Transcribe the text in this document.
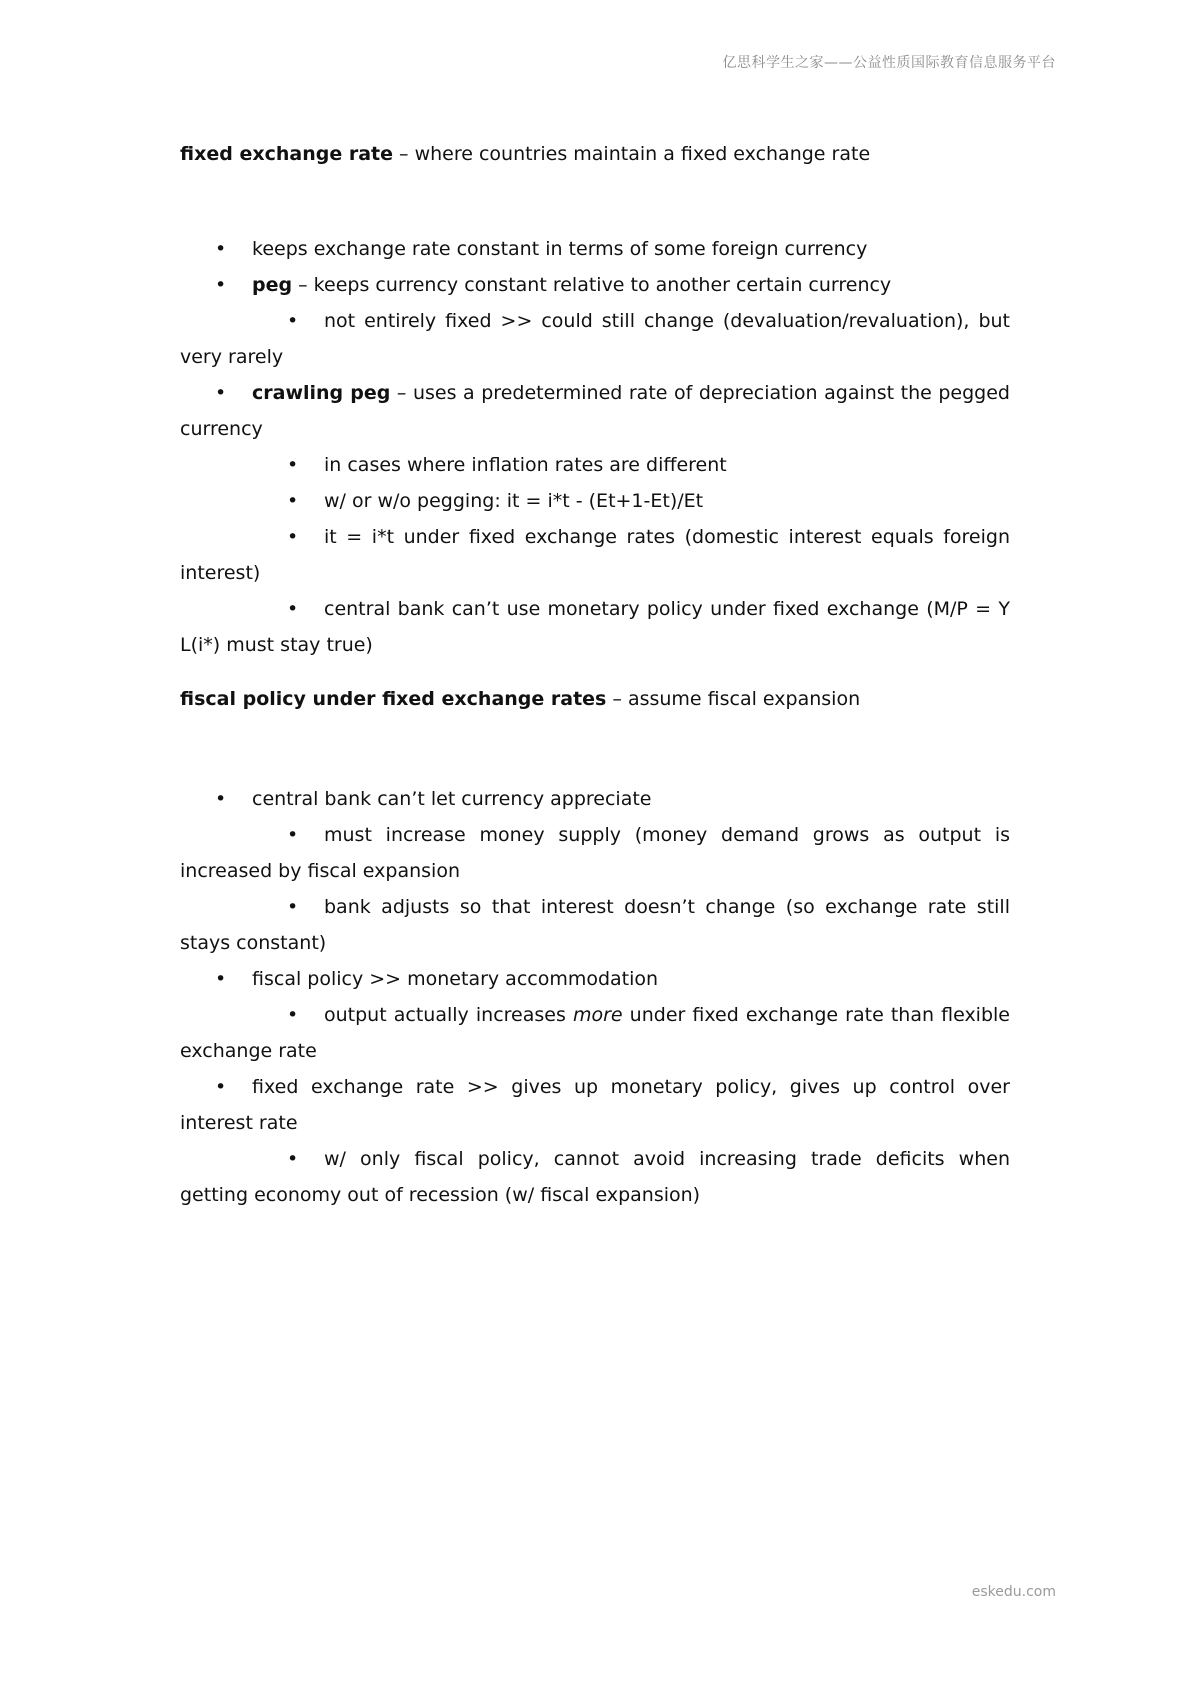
亿思科学生之家——公益性质国际教育信息服务平台
fixed exchange rate – where countries maintain a fixed exchange rate
• keeps exchange rate constant in terms of some foreign currency
• peg – keeps currency constant relative to another certain currency
• not entirely fixed >> could still change (devaluation/revaluation), but very rarely
• crawling peg – uses a predetermined rate of depreciation against the pegged currency
• in cases where inflation rates are different
• w/ or w/o pegging: it = i*t - (Et+1-Et)/Et
• it = i*t under fixed exchange rates (domestic interest equals foreign interest)
• central bank can’t use monetary policy under fixed exchange (M/P = Y L(i*) must stay true)
fiscal policy under fixed exchange rates – assume fiscal expansion
• central bank can’t let currency appreciate
• must increase money supply (money demand grows as output is increased by fiscal expansion
• bank adjusts so that interest doesn’t change (so exchange rate still stays constant)
• fiscal policy >> monetary accommodation
• output actually increases more under fixed exchange rate than flexible exchange rate
• fixed exchange rate >> gives up monetary policy, gives up control over interest rate
• w/ only fiscal policy, cannot avoid increasing trade deficits when getting economy out of recession (w/ fiscal expansion)
eskedu.com
